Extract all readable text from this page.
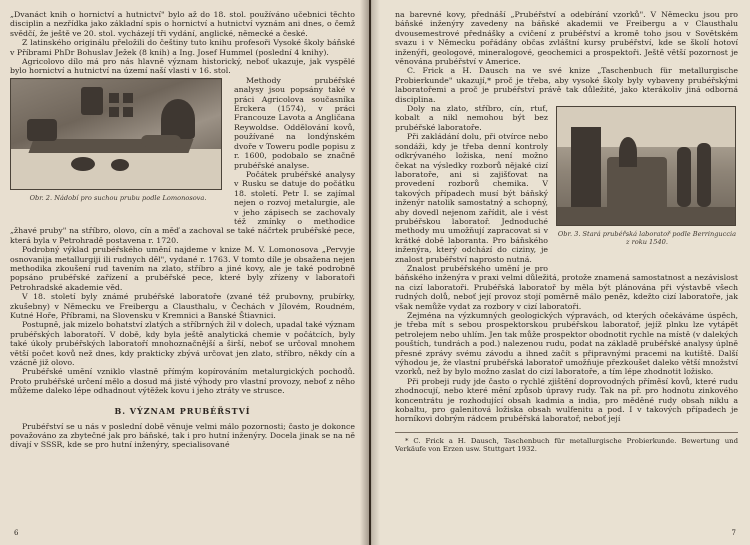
„Dvanáct knih o hornictví a hutnictví" bylo až do 18. stol. používáno učebnici těchto disciplin a nezřídka jako základní spis o hornictví a hutnictví vyznám ani dnes, o čemž svědčí, že ještě ve 20. stol. vycházejí tři vydání, anglické, německé a české.

Z latinského originálu přeložili do češtiny tuto knihu profesoři Vysoké školy báňské v Příbrami PhDr Bohuslav Ježek (8 knih) a Ing. Josef Hummel (poslední 4 knihy).

Agricolovo dílo má pro nás hlavně význam historický, neboť ukazuje, jak vyspělé bylo hornictví a hutnictví na území naší vlasti v 16. stol.

Obr. 2. Nádobí pro suchou prubu podle Lomonosova.

Methody prubéřské analysy jsou popsány také v práci Agricolova současníka Erckera (1574), v práci Francouze Lavota a Angličana Reywoldse. Oddělování kovů, používané na londýnském dvoře v Toweru podle popisu z r. 1600, podobalo se značně prubéřské analyse.

Počátek prubéřské analysy v Rusku se datuje do počátku 18. století. Petr I. se zajímal nejen o rozvoj metalurgie, ale v jeho zápisech se zachovaly též zmínky o methodice „žhavé pruby" na stříbro, olovo, cín a měď a zachoval se také náčrtek prubéřské pece, která byla v Petrohradě postavena r. 1720.

Podrobný výklad prubéřského umění najdeme v knize M. V. Lomonosova „Pervyje osnovanija metallurgiji ili rudnych děl", vydané r. 1763. V tomto díle je obsažena nejen methodika zkoušení rud tavením na zlato, stříbro a jiné kovy, ale je také podrobně popsáno prubéřské zařízení a prubéřské pece, které byly zřízeny v laboratoři Petrohradské akademie věd.

V 18. století byly známé prubéřské laboratoře (zvané též prubovny, prubírky, zkušebny) v Německu ve Freibergu a Clausthalu, v Čechách v Jílovém, Roudném, Kutné Hoře, Příbrami, na Slovensku v Kremnici a Banské Štiavnici.

Postupně, jak mizelo bohatství zlatých a stříbrných žil v dolech, upadal také význam prubéřských laboratoří. V době, kdy byla ještě analytická chemie v počátcích, byly také úkoly prubéřských laboratoří mnohoznačnější a širší, neboť se určoval mnohem větší počet kovů než dnes, kdy prakticky zbývá určovat jen zlato, stříbro, někdy cín a vzácně již olovo.

Prubéřské umění vzniklo vlastně přímým kopírováním metalurgických pochodů. Proto prubéřské určení mělo a dosud má jisté výhody pro vlastní provozy, neboť z něho můžeme daleko lépe odhadnout výtěžek kovu i jeho ztráty ve strusce.

B. VÝZNAM PRUBÉŘSTVÍ

Prubéřství se u nás v poslední době věnuje velmi málo pozornosti; často je dokonce považováno za zbytečné jak pro báňské, tak i pro hutní inženýry. Docela jinak se na ně dívají v SSSR, kde se pro hutní inženýry, specialisované

6

na barevné kovy, přednáší „Prubéřství a odebírání vzorků". V Německu jsou pro báňské inženýry zavedeny na báňské akademii ve Freibergu a v Clausthalu dvousemestrové přednášky a cvičení z prubéřství a kromě toho jsou v Sovětském svazu i v Německu pořádány občas zvláštní kursy prubéřství, kde se školí hotoví inženýři, geologové, mineralogové, geochemici a prospektoři. Ještě větší pozornost je věnována prubéřství v Americe.

C. Frick a H. Dausch na ve své knize „Taschenbuch für metallurgische Probierkunde" ukazují,* proč je třeba, aby vysoké školy byly vybaveny prubéřskými laboratořemi a proč je prubéřství právě tak důležité, jako kterákoliv jiná odborná disciplina.

Obr. 3. Stará prubéřská laboratoř podle Berringuccia z roku 1540.

Doly na zlato, stříbro, cín, rtuť, kobalt a nikl nemohou být bez prubéřské laboratoře.

Při zakládání dolu, při otvírce nebo sondáži, kdy je třeba denní kontroly odkrývaného ložiska, není možno čekat na výsledky rozborů nějaké cizí laboratoře, ani si zajišťovat na provedení rozborů chemika. V takových případech musí být báňský inženýr natolik samostatný a schopný, aby dovedl nejenom zařídit, ale i vést prubéřskou laboratoř. Jednoduché methody mu umožňují zapracovat si v krátké době laboranta. Pro báňského inženýra, který odchází do ciziny, je znalost prubéřství naprosto nutná.

Znalost prubéřského umění je pro báňského inženýra v praxi velmi důležitá, protože znamená samostatnost a nezávislost na cizí laboratoři. Prubéřská laboratoř by měla být plánována při výstavbě všech rudných dolů, neboť její provoz stojí poměrně málo peněz, kdežto cizí laboratoře, jak však nemůže vydat za rozbory v cizí laboratoři.

Zejména na výzkumných geologických výpravách, od kterých očekáváme úspěch, je třeba mít s sebou prospektorskou prubéřskou laboratoř, jejíž plnku lze vytápět petrolejem nebo uhlím. Jen tak může prospektor obodnotit rychle na místě (v dalekých pouštích, tundrách a pod.) nalezenou rudu, podat na základě prubéřské analysy úplně přesné zprávy svému závodu a ihned začít s připravnými pracemi na kutiště. Další výhodou je, že vlastní prubéřská laboratoř umožňuje přezkoušet daleko větší množství vzorků, než by bylo možno zaslat do cizí laboratoře, a tím lépe zhodnotit ložisko.

Při probeji rudy jde často o rychlé zjištění doprovodných příměsí kovů, které rudu zhodnocují, nebo které mění způsob úpravy rudy. Tak na př. pro hodnotu zinkového koncentrátu je rozhodující obsah kadmia a india, pro měděné rudy obsah niklu a kobaltu, pro galenitová ložiska obsah wulfenitu a pod. I v takových případech je horníkovi dobrým rádcem prubéřská laboratoř, neboť její

* C. Frick a H. Dausch, Taschenbuch für metallurgische Probierkunde. Bewertung und Verkäufe von Erzen usw. Stuttgart 1932.
7
